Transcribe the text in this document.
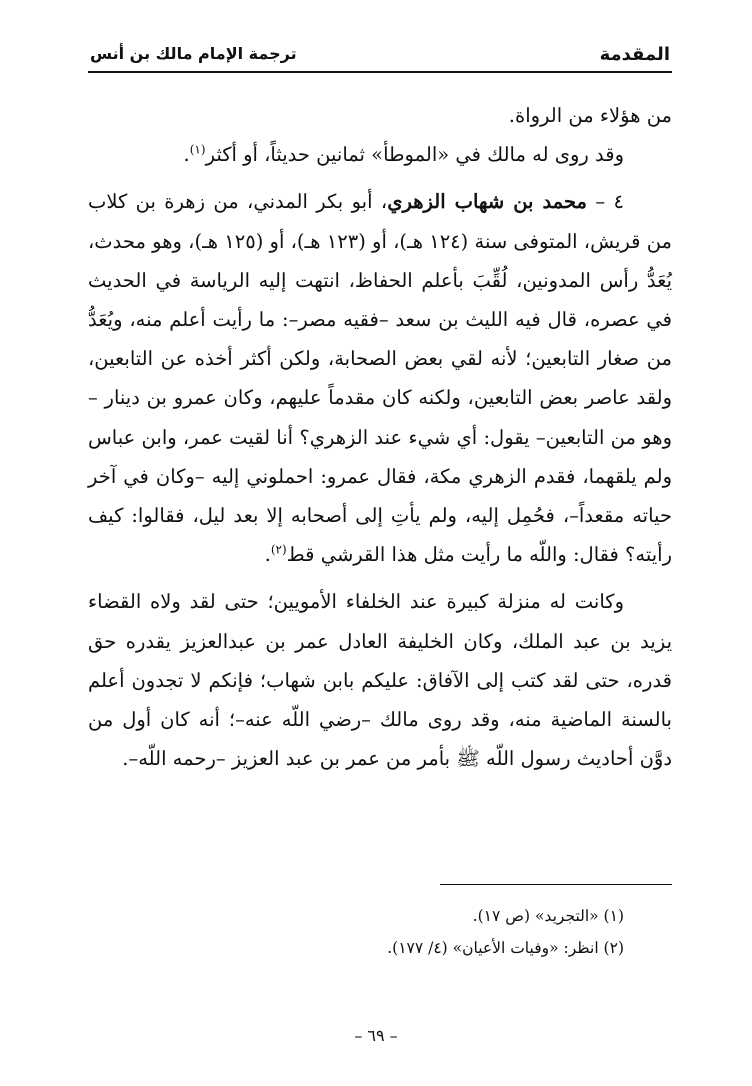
المقدمة
ترجمة الإمام مالك بن أنس

من هؤلاء من الرواة.

وقد روى له مالك في «الموطأ» ثمانين حديثاً، أو أكثر$^{(١)}$.

٤ – محمد بن شهاب الزهري، أبو بكر المدني، من زهرة بن كلاب من قريش، المتوفى سنة (١٢٤ هـ)، أو (١٢٣ هـ)، أو (١٢٥ هـ)، وهو محدث، يُعَدُّ رأس المدونين، لُقِّبَ بأعلم الحفاظ، انتهت إليه الرياسة في الحديث في عصره، قال فيه الليث بن سعد –فقيه مصر–: ما رأيت أعلم منه، ويُعَدُّ من صغار التابعين؛ لأنه لقي بعض الصحابة، ولكن أكثر أخذه عن التابعين، ولقد عاصر بعض التابعين، ولكنه كان مقدماً عليهم، وكان عمرو بن دينار –وهو من التابعين– يقول: أي شيء عند الزهري؟ أنا لقيت عمر، وابن عباس ولم يلقهما، فقدم الزهري مكة، فقال عمرو: احملوني إليه –وكان في آخر حياته مقعداً–، فحُمِل إليه، ولم يأتِ إلى أصحابه إلا بعد ليل، فقالوا: كيف رأيته؟ فقال: واللّه ما رأيت مثل هذا القرشي قط$^{(٢)}$.

وكانت له منزلة كبيرة عند الخلفاء الأمويين؛ حتى لقد ولاه القضاء يزيد بن عبد الملك، وكان الخليفة العادل عمر بن عبدالعزيز يقدره حق قدره، حتى لقد كتب إلى الآفاق: عليكم بابن شهاب؛ فإنكم لا تجدون أعلم بالسنة الماضية منه، وقد روى مالك –رضي اللّه عنه–؛ أنه كان أول من دوَّن أحاديث رسول اللّه ﷺ بأمر من عمر بن عبد العزيز –رحمه اللّه–.

(١) «التجريد» (ص ١٧).
(٢) انظر: «وفيات الأعيان» (٤/ ١٧٧).
– ٦٩ –
